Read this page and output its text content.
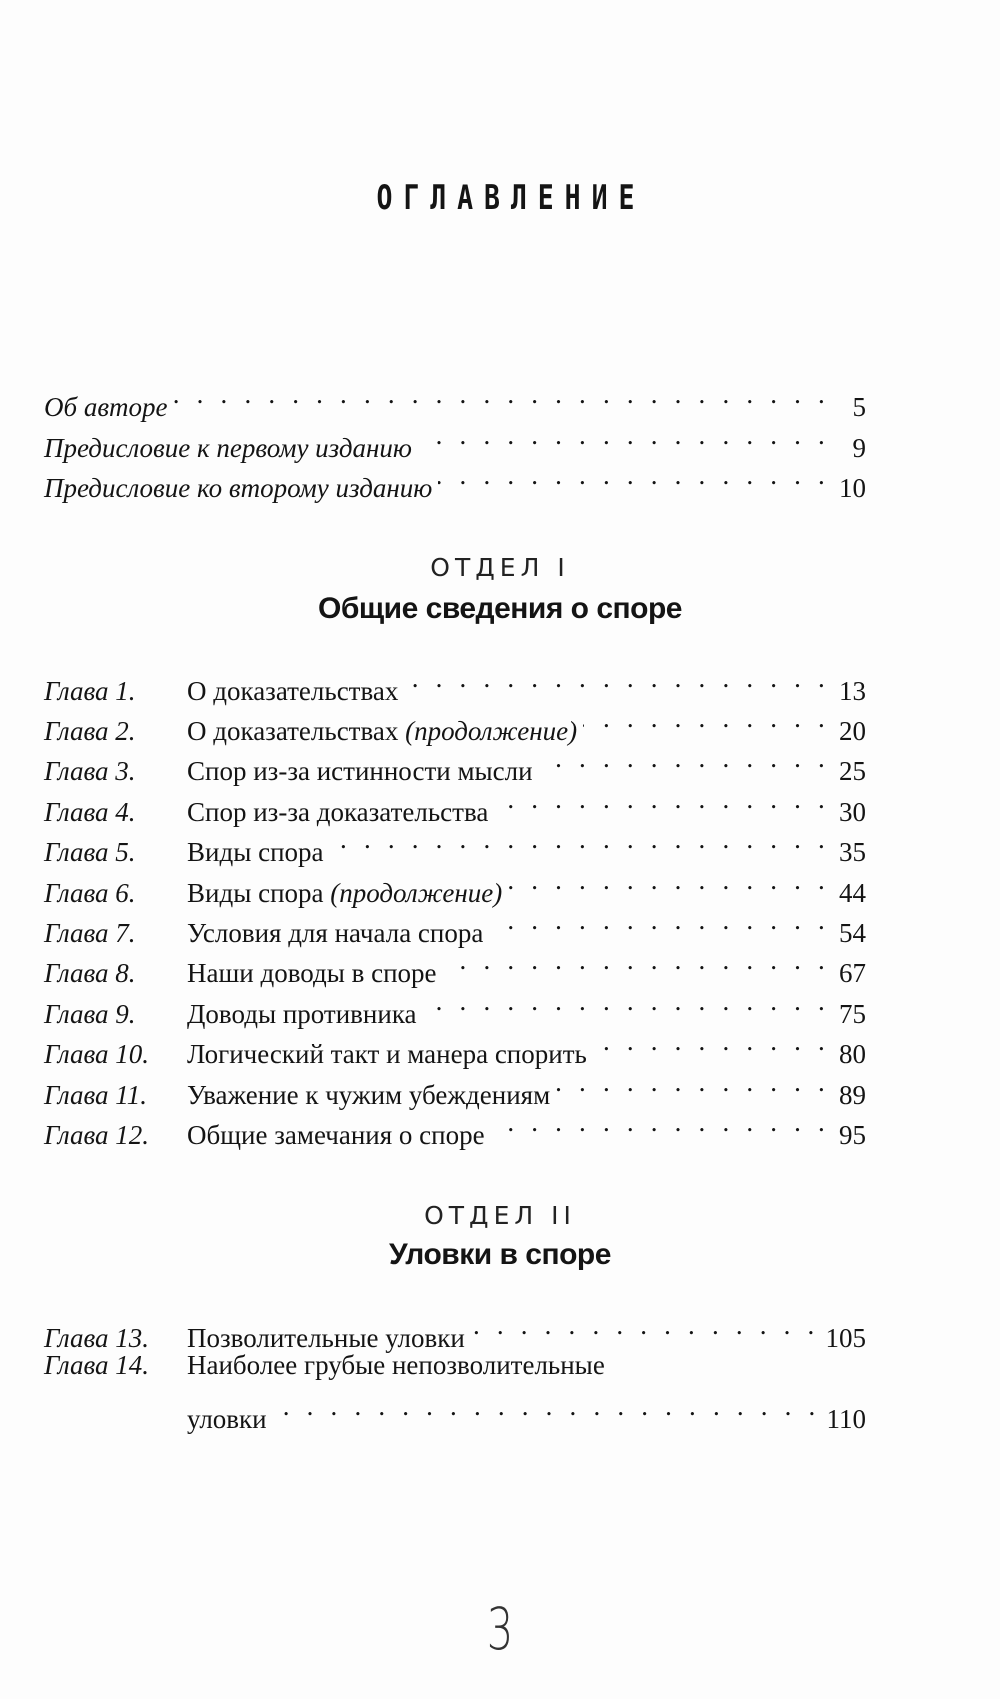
ОГЛАВЛЕНИЕ
Об авторе . . .	5
Предисловие к первому изданию . . .	9
Предисловие ко второму изданию . . .	10
ОТДЕЛ I
Общие сведения о споре
Глава 1.	О доказательствах . . .	13
Глава 2.	О доказательствах (продолжение) . . .	20
Глава 3.	Спор из-за истинности мысли . . .	25
Глава 4.	Спор из-за доказательства . . .	30
Глава 5.	Виды спора . . .	35
Глава 6.	Виды спора (продолжение) . . .	44
Глава 7.	Условия для начала спора . . .	54
Глава 8.	Наши доводы в споре . . .	67
Глава 9.	Доводы противника . . .	75
Глава 10.	Логический такт и манера спорить . . .	80
Глава 11.	Уважение к чужим убеждениям . . .	89
Глава 12.	Общие замечания о споре . . .	95
ОТДЕЛ II
Уловки в споре
Глава 13.	Позволительные уловки . . .	105
Глава 14.	Наиболее грубые непозволительные
уловки . . .	110
3
